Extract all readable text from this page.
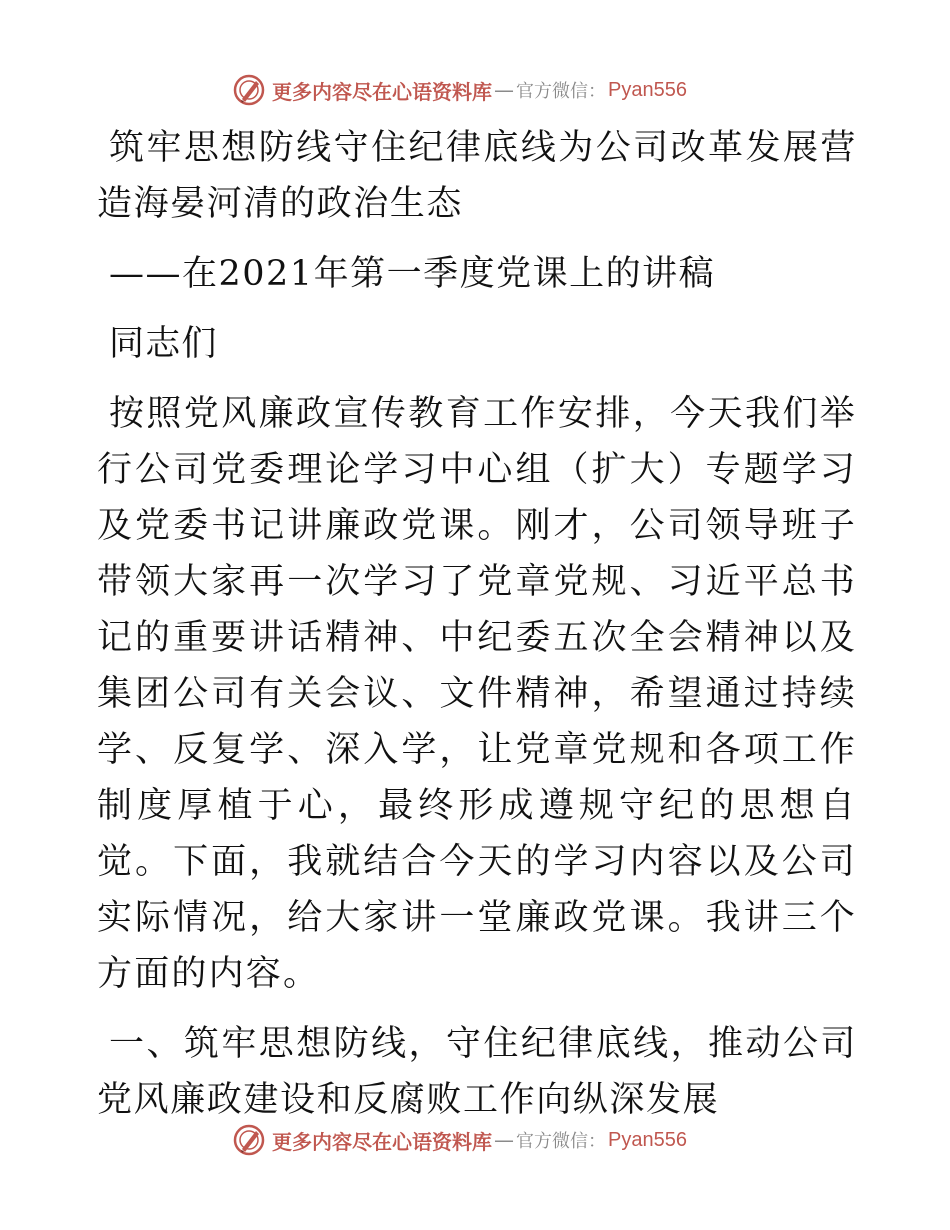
更多内容尽在心语资料库 — 官方微信： Pyan556

筑牢思想防线守住纪律底线为公司改革发展营造海晏河清的政治生态

——在2021年第一季度党课上的讲稿

同志们

按照党风廉政宣传教育工作安排，今天我们举行公司党委理论学习中心组（扩大）专题学习及党委书记讲廉政党课。刚才，公司领导班子带领大家再一次学习了党章党规、习近平总书记的重要讲话精神、中纪委五次全会精神以及集团公司有关会议、文件精神，希望通过持续学、反复学、深入学，让党章党规和各项工作制度厚植于心，最终形成遵规守纪的思想自觉。下面，我就结合今天的学习内容以及公司实际情况，给大家讲一堂廉政党课。我讲三个方面的内容。

一、筑牢思想防线，守住纪律底线，推动公司党风廉政建设和反腐败工作向纵深发展

更多内容尽在心语资料库 — 官方微信： Pyan556
